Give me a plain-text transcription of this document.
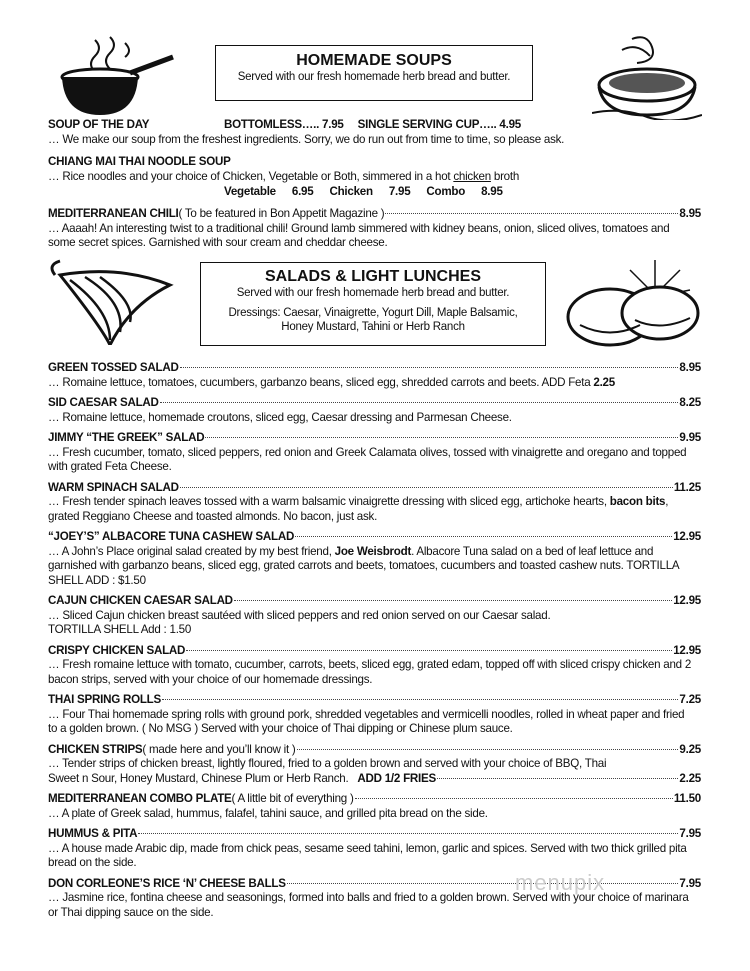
HOMEMADE SOUPS

Served with our fresh homemade herb bread and butter.

SOUP OF THE DAY	BOTTOMLESS….. 7.95 SINGLE SERVING CUP….. 4.95
… We make our soup from the freshest ingredients. Sorry, we do run out from time to time, so please ask.
CHIANG MAI THAI NOODLE SOUP
… Rice noodles and your choice of Chicken, Vegetable or Both, simmered in a hot chicken broth
Vegetable 6.95 Chicken 7.95 Combo 8.95
MEDITERRANEAN CHILI ( To be featured in Bon Appetit Magazine )	8.95
… Aaaah! An interesting twist to a traditional chili! Ground lamb simmered with kidney beans, onion, sliced olives, tomatoes and some secret spices. Garnished with sour cream and cheddar cheese.
SALADS & LIGHT LUNCHES

Served with our fresh homemade herb bread and butter.

Dressings: Caesar, Vinaigrette, Yogurt Dill, Maple Balsamic, Honey Mustard, Tahini or Herb Ranch

GREEN TOSSED SALAD	8.95
… Romaine lettuce, tomatoes, cucumbers, garbanzo beans, sliced egg, shredded carrots and beets. ADD Feta 2.25
SID CAESAR SALAD	8.25
… Romaine lettuce, homemade croutons, sliced egg, Caesar dressing and Parmesan Cheese.
JIMMY “THE GREEK” SALAD	9.95
… Fresh cucumber, tomato, sliced peppers, red onion and Greek Calamata olives, tossed with vinaigrette and oregano and topped with grated Feta Cheese.
WARM SPINACH SALAD	11.25
… Fresh tender spinach leaves tossed with a warm balsamic vinaigrette dressing with sliced egg, artichoke hearts, bacon bits, grated Reggiano Cheese and toasted almonds. No bacon, just ask.
“JOEY’S” ALBACORE TUNA CASHEW SALAD	12.95
… A John’s Place original salad created by my best friend, Joe Weisbrodt. Albacore Tuna salad on a bed of leaf lettuce and garnished with garbanzo beans, sliced egg, grated carrots and beets, tomatoes, cucumbers and toasted cashew nuts. TORTILLA SHELL ADD : $1.50
CAJUN CHICKEN CAESAR SALAD	12.95
… Sliced Cajun chicken breast sautéed with sliced peppers and red onion served on our Caesar salad.
TORTILLA SHELL Add : 1.50
CRISPY CHICKEN SALAD	12.95
… Fresh romaine lettuce with tomato, cucumber, carrots, beets, sliced egg, grated edam, topped off with sliced crispy chicken and 2 bacon strips, served with your choice of our homemade dressings.
THAI SPRING ROLLS	7.25
… Four Thai homemade spring rolls with ground pork, shredded vegetables and vermicelli noodles, rolled in wheat paper and fried to a golden brown. ( No MSG ) Served with your choice of Thai dipping or Chinese plum sauce.
CHICKEN STRIPS ( made here and you’ll know it )	9.25
… Tender strips of chicken breast, lightly floured, fried to a golden brown and served with your choice of BBQ, Thai
Sweet n Sour, Honey Mustard, Chinese Plum or Herb Ranch. ADD 1/2 FRIES	2.25
MEDITERRANEAN COMBO PLATE ( A little bit of everything )	11.50
… A plate of Greek salad, hummus, falafel, tahini sauce, and grilled pita bread on the side.
HUMMUS & PITA	7.95
… A house made Arabic dip, made from chick peas, sesame seed tahini, lemon, garlic and spices. Served with two thick grilled pita bread on the side.
DON CORLEONE’S RICE ‘N’ CHEESE BALLS	7.95
… Jasmine rice, fontina cheese and seasonings, formed into balls and fried to a golden brown. Served with your choice of marinara or Thai dipping sauce on the side.
menupix
